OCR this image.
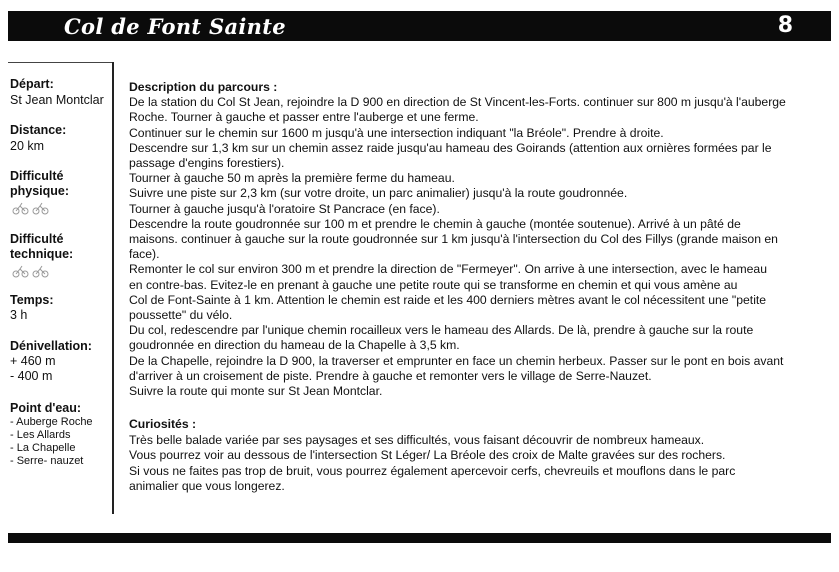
Col de Font Sainte	8
Départ:
St Jean Montclar
Distance:
20 km
Difficulté
physique:
Difficulté
technique:
Temps:
3 h
Dénivellation:
+ 460 m
- 400 m
Point d'eau:
- Auberge Roche
- Les Allards
- La Chapelle
- Serre- nauzet
Description du parcours :
De la station du Col St Jean, rejoindre la D 900 en direction de St Vincent-les-Forts. continuer sur 800 m jusqu'à l'auberge
Roche. Tourner à gauche et passer entre l'auberge et une ferme.
Continuer sur le chemin sur 1600 m jusqu'à une intersection indiquant "la Bréole". Prendre à droite.
Descendre sur 1,3 km sur un chemin assez raide jusqu'au hameau des Goirands (attention aux ornières formées par le
passage d'engins forestiers).
Tourner à gauche 50 m après la première ferme du hameau.
Suivre une piste sur 2,3 km (sur votre droite, un parc animalier) jusqu'à la route goudronnée.
Tourner à gauche jusqu'à l'oratoire St Pancrace (en face).
Descendre la route goudronnée sur 100 m et prendre le chemin à gauche (montée soutenue). Arrivé à un pâté de
maisons. continuer à gauche sur la route goudronnée sur 1 km jusqu'à l'intersection du Col des Fillys (grande maison en
face).
Remonter le col sur environ 300 m et prendre la direction de "Fermeyer". On arrive à une intersection, avec le hameau
en contre-bas. Evitez-le en prenant à gauche une petite route qui se transforme en chemin et qui vous amène au
Col de Font-Sainte à 1 km. Attention le chemin est raide et les 400 derniers mètres avant le col nécessitent une "petite
poussette" du vélo.
Du col, redescendre par l'unique chemin rocailleux vers le hameau des Allards. De là, prendre à gauche sur la route
goudronnée en direction du hameau de la Chapelle à 3,5 km.
De la Chapelle, rejoindre la D 900, la traverser et emprunter en face un chemin herbeux. Passer sur le pont en bois avant
d'arriver à un croisement de piste. Prendre à gauche et remonter vers le village de Serre-Nauzet.
Suivre la route qui monte sur St Jean Montclar.
Curiosités :
Très belle balade variée par ses paysages et ses difficultés, vous faisant découvrir de nombreux hameaux.
Vous pourrez voir au dessous de l'intersection St Léger/ La Bréole des croix de Malte gravées sur des rochers.
Si vous ne faites pas trop de bruit, vous pourrez également apercevoir cerfs, chevreuils et mouflons dans le parc
animalier que vous longerez.
